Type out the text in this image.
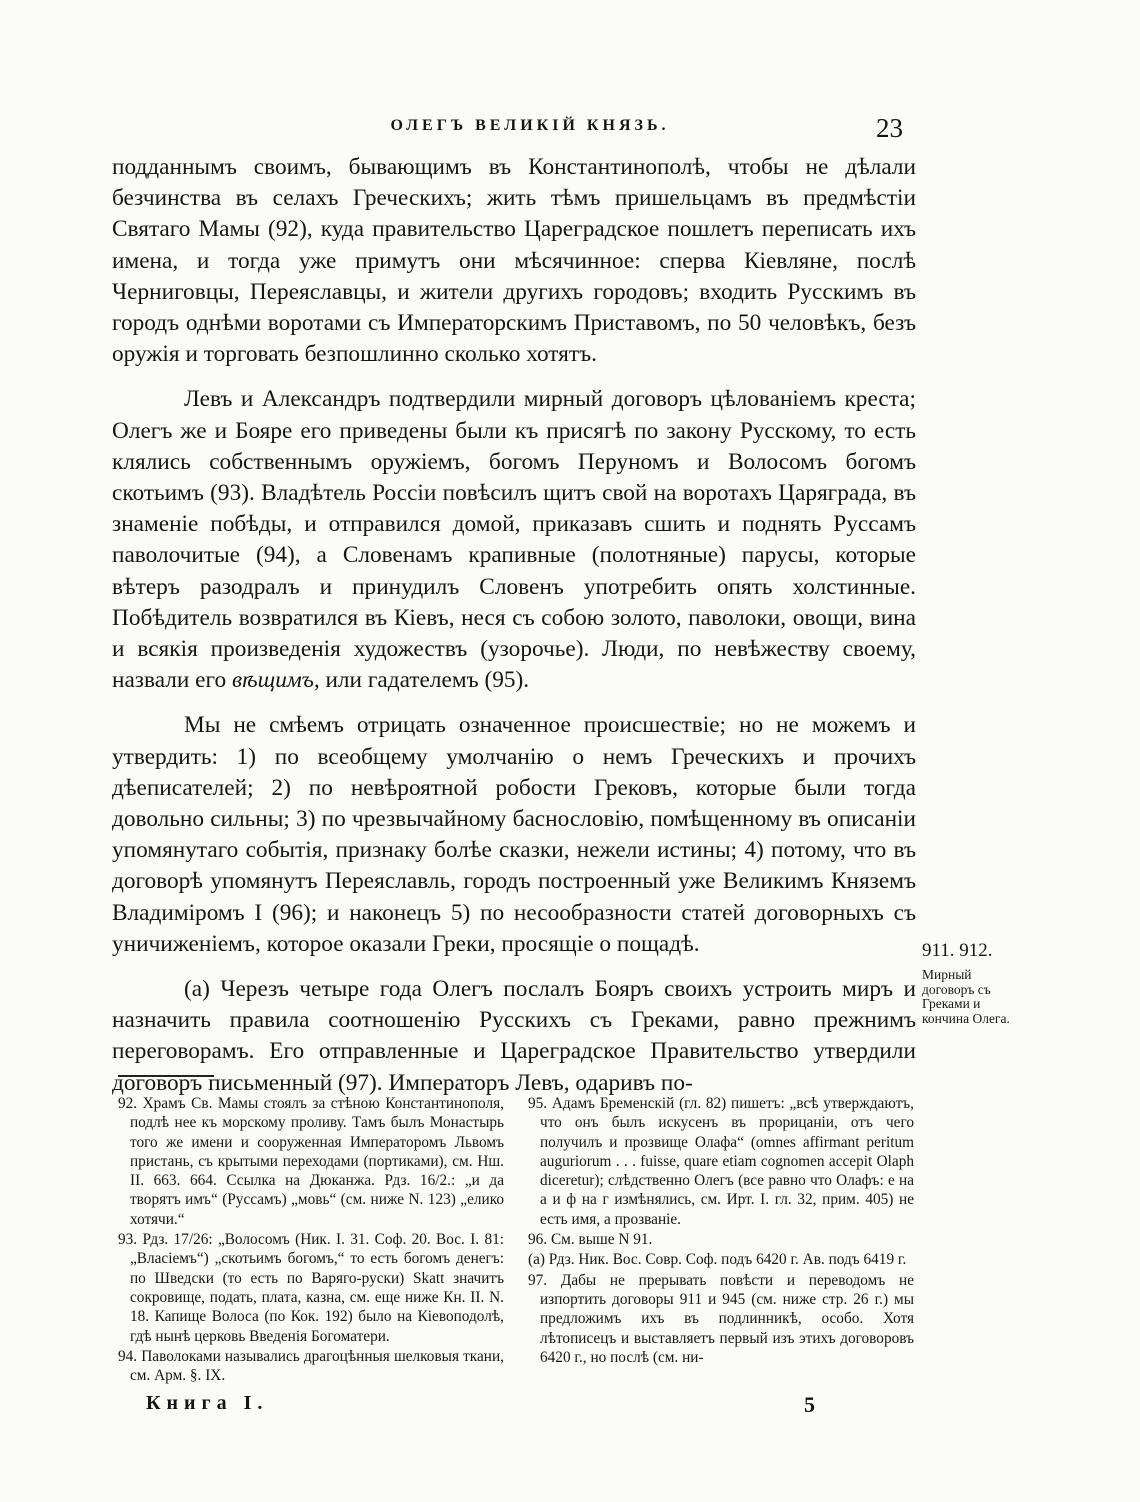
ОЛЕГЪ ВЕЛИКІЙ КНЯЗЬ.	23

подданнымъ своимъ, бывающимъ въ Константинополѣ, чтобы не дѣлали безчинства въ селахъ Греческихъ; жить тѣмъ пришельцамъ въ предмѣстіи Святаго Мамы (92), куда правительство Цареградское пошлетъ переписать ихъ имена, и тогда уже примутъ они мѣсячинное: сперва Кіевляне, послѣ Черниговцы, Переяславцы, и жители другихъ городовъ; входить Русскимъ въ городъ однѣми воротами съ Императорскимъ Приставомъ, по 50 человѣкъ, безъ оружія и торговать безпошлинно сколько хотятъ.

Левъ и Александръ подтвердили мирный договоръ цѣлованіемъ креста; Олегъ же и Бояре его приведены были къ присягѣ по закону Русскому, то есть клялись собственнымъ оружіемъ, богомъ Перуномъ и Волосомъ богомъ скотьимъ (93). Владѣтель Россіи повѣсилъ щитъ свой на воротахъ Царяграда, въ знаменіе побѣды, и отправился домой, приказавъ сшить и поднять Руссамъ паволочитые (94), а Словенамъ крапивные (полотняные) парусы, которые вѣтеръ разодралъ и принудилъ Словенъ употребить опять холстинные. Побѣдитель возвратился въ Кіевъ, неся съ собою золото, паволоки, овощи, вина и всякія произведенія художествъ (узорочье). Люди, по невѣжеству своему, назвали его вѣщимъ, или гадателемъ (95).

Мы не смѣемъ отрицать означенное происшествіе; но не можемъ и утвердить: 1) по всеобщему умолчанію о немъ Греческихъ и прочихъ дѣеписателей; 2) по невѣроятной робости Грековъ, которые были тогда довольно сильны; 3) по чрезвычайному баснословію, помѣщенному въ описаніи упомянутаго событія, признаку болѣе сказки, нежели истины; 4) потому, что въ договорѣ упомянутъ Переяславль, городъ построенный уже Великимъ Княземъ Владиміромъ I (96); и наконецъ 5) по несообразности статей договорныхъ съ уничиженіемъ, которое оказали Греки, просящіе о пощадѣ.

(а) Черезъ четыре года Олегъ послалъ Бояръ своихъ устроить миръ и назначить правила соотношенію Русскихъ съ Греками, равно прежнимъ переговорамъ. Его отправленные и Цареградское Правительство утвердили договоръ письменный (97). Императоръ Левъ, одаривъ по-

911. 912.
Мирный договоръ съ Греками и кончина Олега.

92. Храмъ Св. Мамы стоялъ за стѣною Константинополя, подлѣ нее къ морскому проливу. Тамъ былъ Монастырь того же имени и сооруженная Императоромъ Львомъ пристань, съ крытыми переходами (портиками), см. Нш. II. 663. 664. Ссылка на Дюканжа. Рдз. 16/2.: „и да творятъ имъ“ (Руссамъ) „мовь“ (см. ниже N. 123) „елико хотячи.“

93. Рдз. 17/26: „Волосомъ (Ник. I. 31. Соф. 20. Вос. I. 81: „Власіемъ“) „скотьимъ богомъ,“ то есть богомъ денегъ: по Шведски (то есть по Варяго-руски) Skatt значитъ сокровище, подать, плата, казна, см. еще ниже Кн. II. N. 18. Капище Волоса (по Кок. 192) было на Кіевоподолѣ, гдѣ нынѣ церковь Введенія Богоматери.

94. Паволоками назывались драгоцѣнныя шелковыя ткани, см. Арм. §. IX.

95. Адамъ Бременскій (гл. 82) пишетъ: „всѣ утверждаютъ, что онъ былъ искусенъ въ прорицаніи, отъ чего получилъ и прозвище Олафа“ (omnes affirmant peritum auguriorum . . . fuisse, quare etiam cognomen accepit Olaph diceretur); слѣдственно Олегъ (все равно что Олафъ: е на а и ф на г измѣнялись, см. Ирт. I. гл. 32, прим. 405) не есть имя, а прозваніе.

96. См. выше N 91.

(а) Рдз. Ник. Вос. Совр. Соф. подъ 6420 г. Ав. подъ 6419 г.

97. Дабы не прерывать повѣсти и переводомъ не изпортить договоры 911 и 945 (см. ниже стр. 26 г.) мы предложимъ ихъ въ подлинникѣ, особо. Хотя лѣтописецъ и выставляетъ первый изъ этихъ договоровъ 6420 г., но послѣ (см. ни-

Книга I.	5
